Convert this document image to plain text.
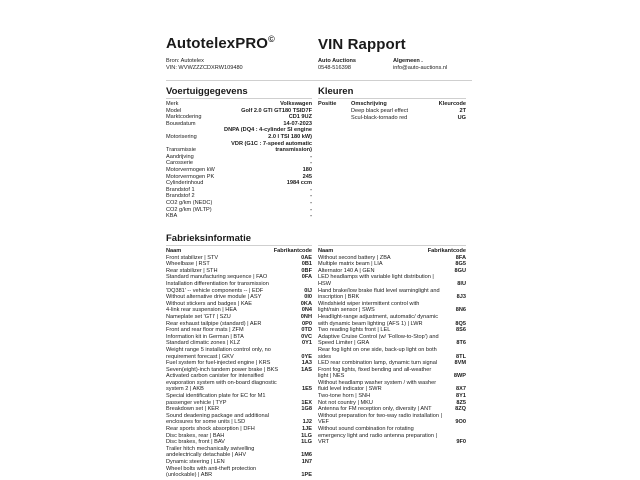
AutotelexPRO©
Bron: Autotelex
VIN: WVWZZZCDXRW109480
VIN Rapport
Auto Auctions
0548-516398
Algemeen .
info@auto-auctions.nl
Voertuiggegevens
Merk	Volkswagen
Model	Golf 2.0 GTI GT180 TSID7F
Marktcodering	CD1 9UZ
Bouwdatum	14-07-2023
Motorisering
DNPA (DQ4 : 4-cylinder SI engine 2.0 l TSI 180 kW)
Transmissie
VDR (G1C : 7-speed automatic transmission)
Aandrijving	-
Carosserie	-
Motorvermogen kW	180
Motorvermogen PK	245
Cylinderinhoud	1984 ccm
Brandstof 1	-
Brandstof 2	-
CO2 g/km (NEDC)	-
CO2 g/km (WLTP)	-
KBA	-
Kleuren
Positie	Omschrijving	Kleurcode
Deep black pearl effect	2T
Scul-black-tornado red	UG
Fabrieksinformatie
Naam	Fabrikantcode
Front stabilizer | STV	0AE
Wheelbase | RST	0B1
Rear stabilizer | STH	0BF
Standard manufacturing sequence | FAO	0FA
Installation differentiation for transmission 'DQ381' -- vehicle components -- | EDF	0IJ
Without alternative drive module | ASY	0I0
Without stickers and badges | KAE	0KA
4-link rear suspension | HEA	0N4
Nameplate set 'GTI' | SZU	0NH
Rear exhaust tailpipe (standard) | AER	0P0
Front and rear floor mats | ZFM	0TD
Information kit in German | BTA	0VC
Standard climatic zones | KLZ	0Y1
Weight range 5 installation control only, no requirement forecast | GKV	0YE
Fuel system for fuel-injected engine | KRS	1A3
Seven(eight)-inch tandem power brake | BKS	1AS
Activated carbon canister for intensified evaporation system with on-board diagnostic system 2 | AKB	1E5
Special identification plate for EC for M1 passenger vehicle | TYP	1EX
Breakdown set | KER	1G8
Sound deadening package and additional enclosures for some units | LSD	1J2
Rear sports shock absorption | DFH	1JE
Disc brakes, rear | BAH	1LG
Disc brakes, front | BAV	1LG
Trailer hitch mechanically swivelling andelectrically detachable | AHV	1M6
Dynamic steering | LEN	1N7
Wheel bolts with anti-theft protection (unlockable) | ABR	1PE
Naam	Fabrikantcode
Without second battery | ZBA	8FA
Multiple matrix beam | LIA	8G5
Alternator 140 A | GEN	8GU
LED headlamps with variable light distribution | HSW	8IU
Hand brake/low brake fluid level warninglight and inscription | BRK	8J3
Windshield wiper intermittent control with light/rain sensor | SWS	8N6
Headlight-range adjustment, automatic/ dynamic with dynamic beam lighting (AFS 1) | LWR	8Q5
Two reading lights front | LEL	8S6
Adaptive Cruise Control (w/ 'Follow-to-Stop') and Speed Limiter | GRA	8T6
Rear fog light on one side, back-up light on both sides	8TL
LED rear combination lamp, dynamic turn signal	8VM
Front fog lights, fixed bending and all-weather light | NES	8WP
Without headlamp washer system / with washer fluid level indicator | SWR	8X7
Two-tone horn | SNH	8Y1
Not not country | MKU	8Z5
Antenna for FM reception only, diversity | ANT	8ZQ
Without preparation for two-way radio installation | VEF	9O0
Without sound combination for rotating emergency light and radio antenna preparation | VRT	9F0
